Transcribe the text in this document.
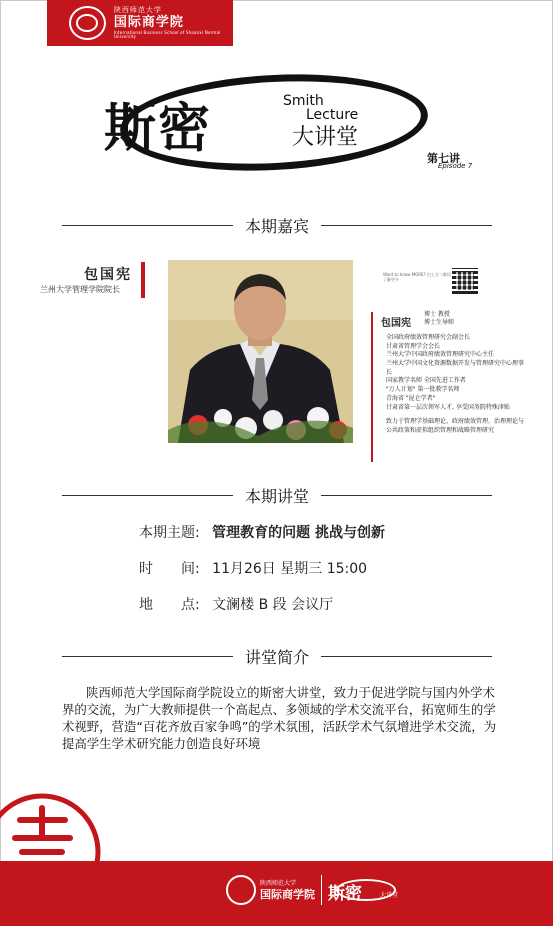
陕西师范大学
国际商学院
International Business School of Shaanxi Normal University
斯密	Smith
Lecture
大讲堂
第七讲
Episode 7
本期嘉宾
包国宪
兰州大学管理学院院长
Want to know MORE? 扫上方二维码了解更多
包国宪
博士 教授
博士生导师

全国政府绩效管理研究会副会长

甘肃省管理学会会长

兰州大学中国政府绩效管理研究中心主任

兰州大学中国文化资源数据开发与管理研究中心理事长

国家教学名师 全国先进工作者

"万人计划" 第一批教学名师

青海省 "昆仑学者"

甘肃省第一层次领军人才, 享受国务院特殊津贴

致力于管理学基础理论、政府绩效管理、治理理论与公共政策和虚拟组织管理和战略管理研究

本期讲堂
本期主题: 管理教育的问题 挑战与创新
时　　间: 11月26日 星期三 15:00
地　　点: 文澜楼 B 段 会议厅
讲堂简介
陕西师范大学国际商学院设立的斯密大讲堂，致力于促进学院与国内外学术界的交流，为广大教师提供一个高起点、多领域的学术交流平台，拓宽师生的学术视野，营造“百花齐放百家争鸣”的学术氛围，活跃学术气氛增进学术交流，为提高学生学术研究能力创造良好环境
陕西师范大学
国际商学院 斯密	大讲堂
